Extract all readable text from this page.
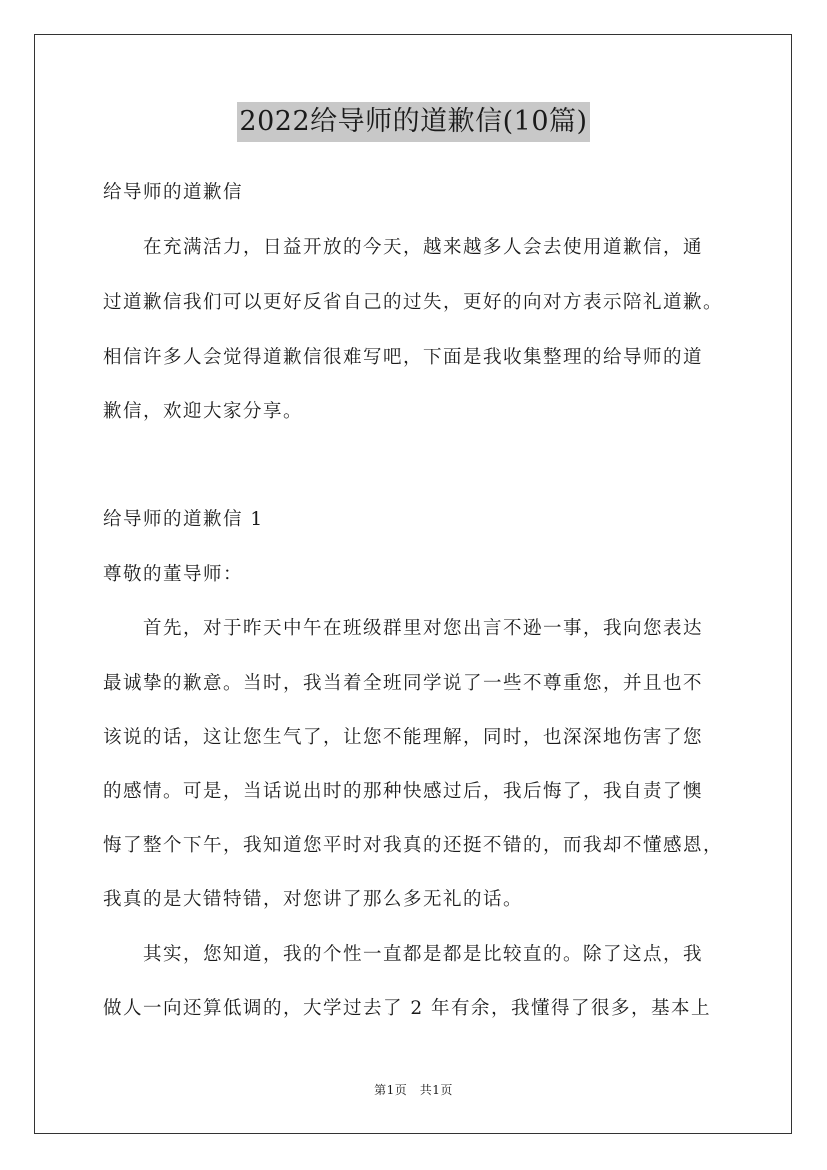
2022给导师的道歉信(10篇)
给导师的道歉信
　　在充满活力，日益开放的今天，越来越多人会去使用道歉信，通
过道歉信我们可以更好反省自己的过失，更好的向对方表示陪礼道歉。
相信许多人会觉得道歉信很难写吧，下面是我收集整理的给导师的道
歉信，欢迎大家分享。
给导师的道歉信 1
尊敬的董导师：
　　首先，对于昨天中午在班级群里对您出言不逊一事，我向您表达
最诚挚的歉意。当时，我当着全班同学说了一些不尊重您，并且也不
该说的话，这让您生气了，让您不能理解，同时，也深深地伤害了您
的感情。可是，当话说出时的那种快感过后，我后悔了，我自责了懊
悔了整个下午，我知道您平时对我真的还挺不错的，而我却不懂感恩，
我真的是大错特错，对您讲了那么多无礼的话。
　　其实，您知道，我的个性一直都是都是比较直的。除了这点，我
做人一向还算低调的，大学过去了 2 年有余，我懂得了很多，基本上
第1页　共1页
